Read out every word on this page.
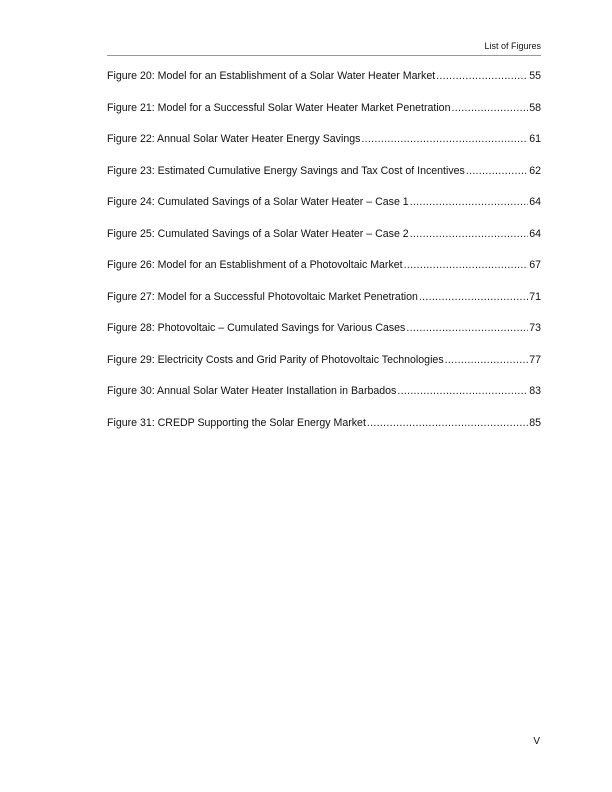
List of Figures
Figure 20: Model for an Establishment of a Solar Water Heater Market .....	55
Figure 21: Model for a Successful Solar Water Heater Market Penetration .....	58
Figure 22: Annual Solar Water Heater Energy Savings .....	61
Figure 23: Estimated Cumulative Energy Savings and Tax Cost of Incentives .....	62
Figure 24: Cumulated Savings of a Solar Water Heater – Case 1 .....	64
Figure 25: Cumulated Savings of a Solar Water Heater – Case 2 .....	64
Figure 26: Model for an Establishment of a Photovoltaic Market .....	67
Figure 27: Model for a Successful Photovoltaic Market Penetration .....	71
Figure 28: Photovoltaic – Cumulated Savings for Various Cases .....	73
Figure 29: Electricity Costs and Grid Parity of Photovoltaic Technologies .....	77
Figure 30: Annual Solar Water Heater Installation in Barbados .....	83
Figure 31: CREDP Supporting the Solar Energy Market .....	85
V
